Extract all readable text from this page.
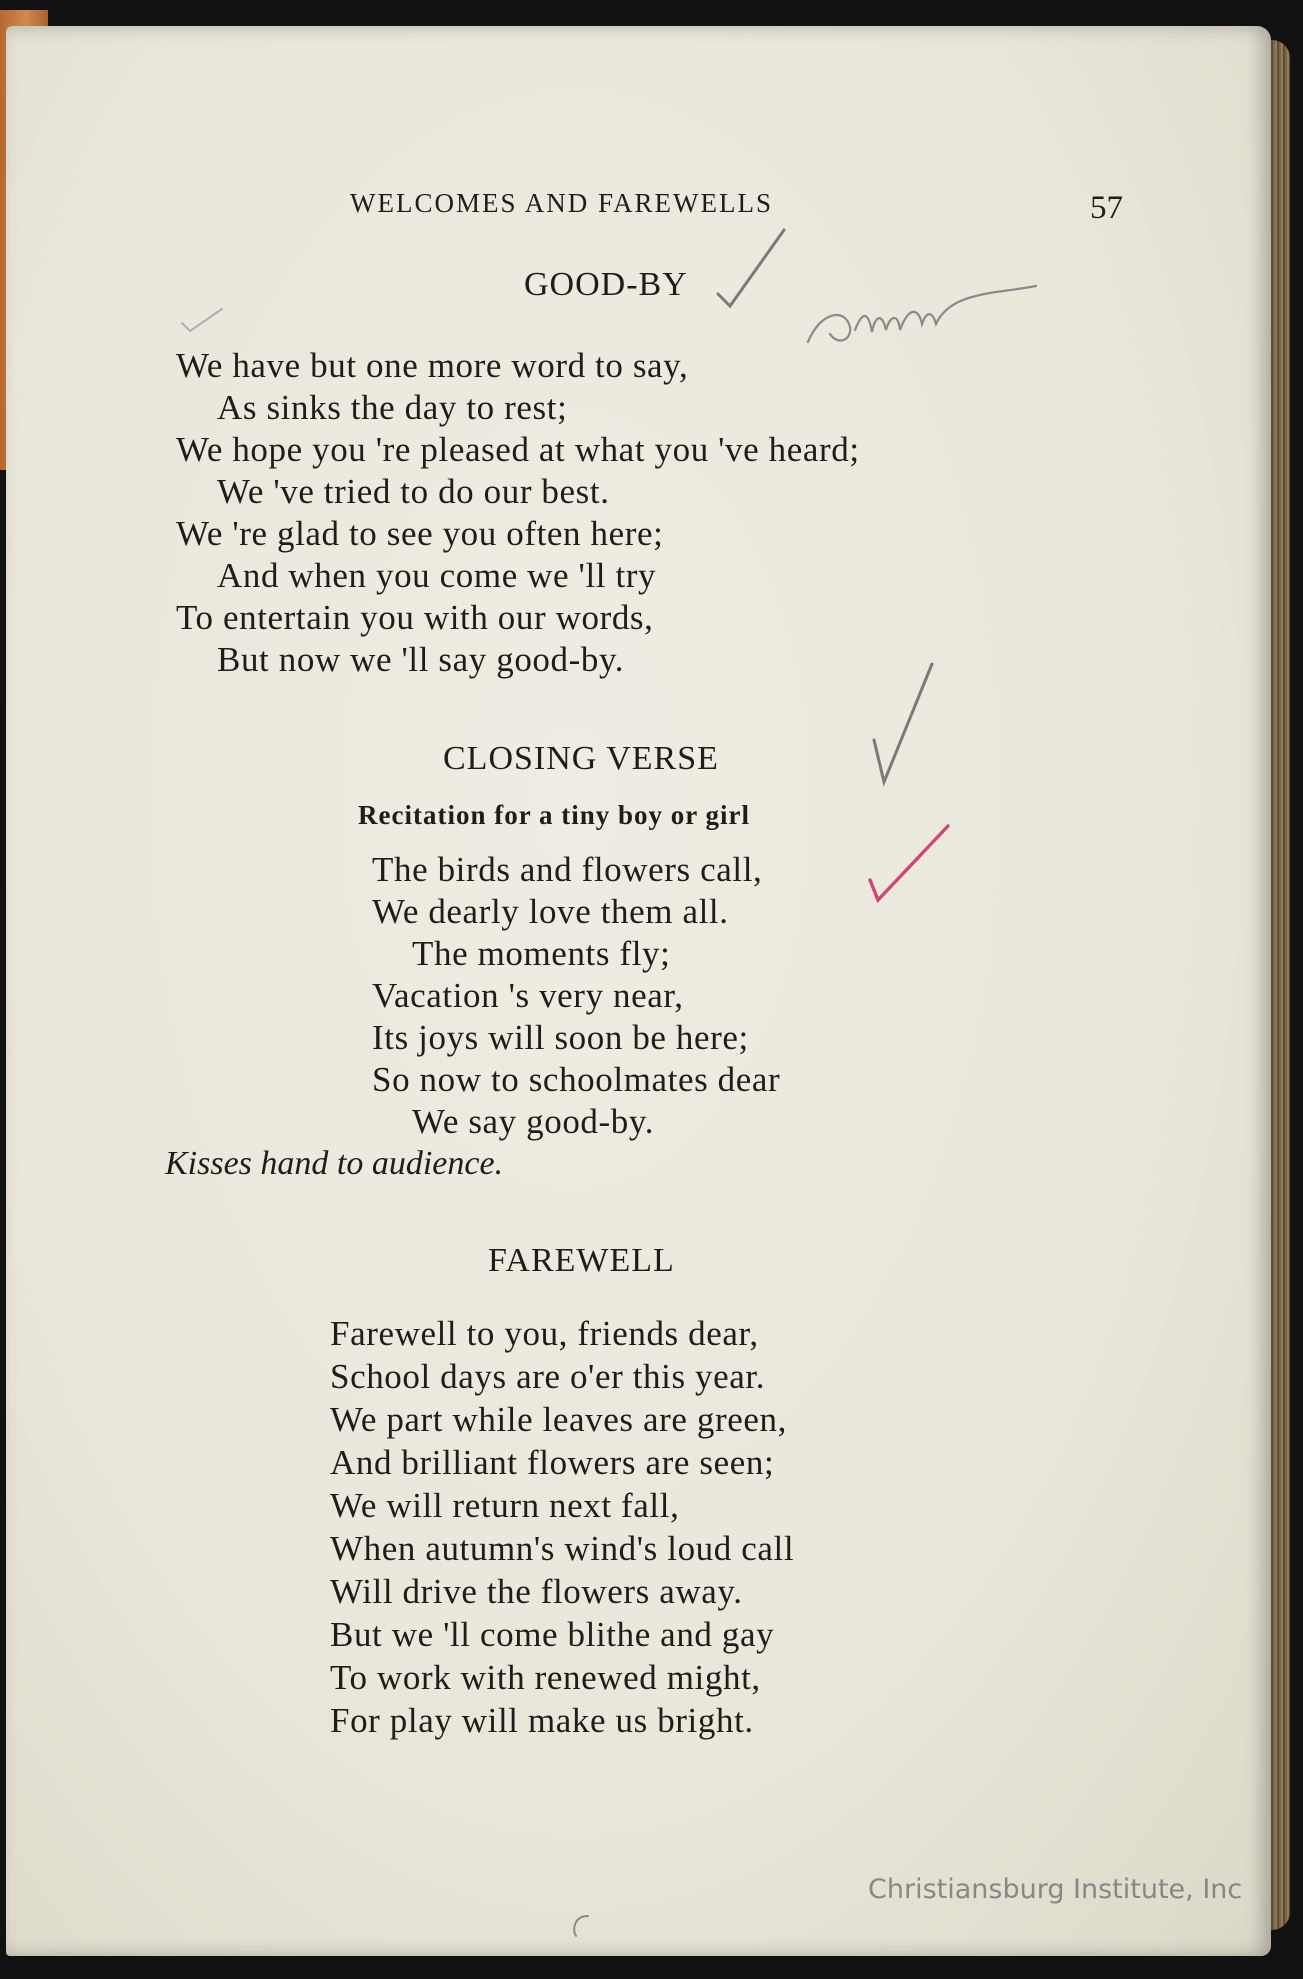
WELCOMES AND FAREWELLS	57
GOOD-BY
We have but one more word to say,
As sinks the day to rest;
We hope you 're pleased at what you 've heard;
We 've tried to do our best.
We 're glad to see you often here;
And when you come we 'll try
To entertain you with our words,
But now we 'll say good-by.
CLOSING VERSE
Recitation for a tiny boy or girl
The birds and flowers call,
We dearly love them all.
The moments fly;
Vacation 's very near,
Its joys will soon be here;
So now to schoolmates dear
We say good-by.
Kisses hand to audience.
FAREWELL
Farewell to you, friends dear,
School days are o'er this year.
We part while leaves are green,
And brilliant flowers are seen;
We will return next fall,
When autumn's wind's loud call
Will drive the flowers away.
But we 'll come blithe and gay
To work with renewed might,
For play will make us bright.
Christiansburg Institute, Inc
